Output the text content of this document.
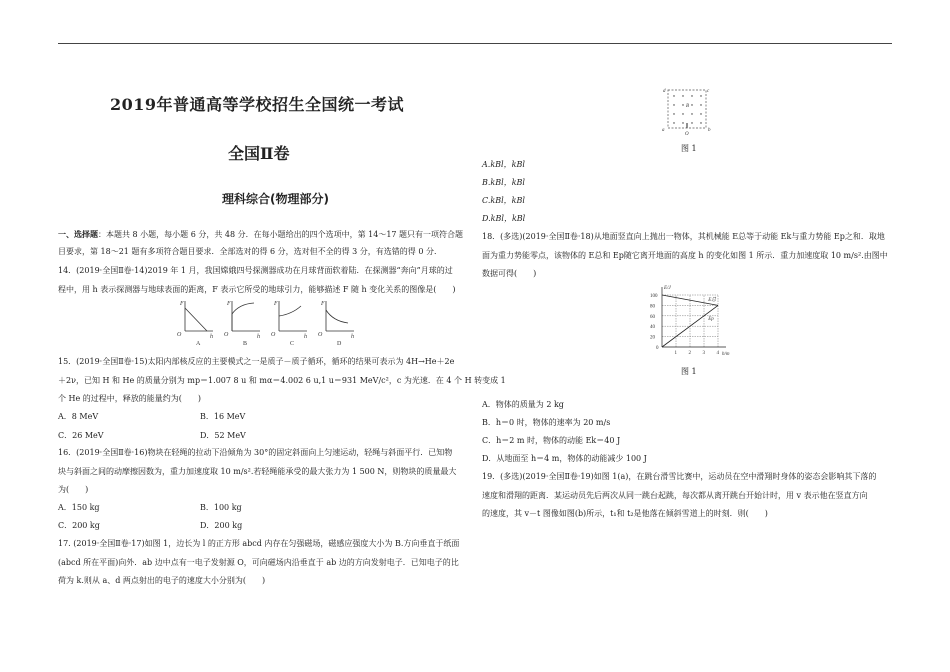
2019年普通高等学校招生全国统一考试
全国Ⅱ卷
理科综合(物理部分)
一、选择题：本题共 8 小题，每小题 6 分，共 48 分．在每小题给出的四个选项中，第 14～17 题只有一项符合题
目要求，第 18～21 题有多项符合题目要求．全部选对的得 6 分，选对但不全的得 3 分，有选错的得 0 分．
14．(2019·全国Ⅱ卷·14)2019 年 1 月，我国嫦娥四号探测器成功在月球背面软着陆．在探测器“奔向”月球的过
程中，用 h 表示探测器与地球表面的距离，F 表示它所受的地球引力，能够描述 F 随 h 变化关系的图像是(　　)
F
O	h
A
F
O	h
B
F
O	h
C
F
O	h
D
15．(2019·全国Ⅱ卷·15)太阳内部核反应的主要模式之一是质子－质子循环，循环的结果可表示为 4H→He＋2e
＋2ν，已知 H 和 He 的质量分别为 mp＝1.007 8 u 和 mα＝4.002 6 u,1 u＝931 MeV/c²，c 为光速．在 4 个 H 转变成 1
个 He 的过程中，释放的能量约为(　　)
A．8 MeV	B．16 MeV
C．26 MeV	D．52 MeV
16．(2019·全国Ⅱ卷·16)物块在轻绳的拉动下沿倾角为 30°的固定斜面向上匀速运动，轻绳与斜面平行．已知物
块与斜面之间的动摩擦因数为，重力加速度取 10 m/s².若轻绳能承受的最大张力为 1 500 N，则物块的质量最大
为(　　)
A．150 kg	B．100 kg
C．200 kg	D．200 kg
17. (2019·全国Ⅱ卷·17)如图 1，边长为 l 的正方形 abcd 内存在匀强磁场，磁感应强度大小为 B.方向垂直于纸面
(abcd 所在平面)向外．ab 边中点有一电子发射源 O，可向磁场内沿垂直于 ab 边的方向发射电子．已知电子的比
荷为 k.则从 a、d 两点射出的电子的速度大小分别为(　　)
d	c
a	b
B
O
图 1
A.kBl，kBl
B.kBl，kBl
C.kBl，kBl
D.kBl，kBl
18．(多选)(2019·全国Ⅱ卷·18)从地面竖直向上抛出一物体，其机械能 E总等于动能 Ek与重力势能 Ep之和．取地
面为重力势能零点，该物体的 E总和 Ep随它离开地面的高度 h 的变化如图 1 所示．重力加速度取 10 m/s².由图中
数据可得(　　)
0
1 2 3 4
20
40
60
80
100
h/m
E/J
E总
Ep
图 1
A．物体的质量为 2 kg
B．h＝0 时，物体的速率为 20 m/s
C．h＝2 m 时，物体的动能 Ek＝40 J
D．从地面至 h＝4 m，物体的动能减少 100 J
19．(多选)(2019·全国Ⅱ卷·19)如图 1(a)，在跳台滑雪比赛中，运动员在空中滑翔时身体的姿态会影响其下落的
速度和滑翔的距离．某运动员先后两次从同一跳台起跳，每次都从离开跳台开始计时，用 v 表示他在竖直方向
的速度，其 v－t 图像如图(b)所示，t₁和 t₂是他落在倾斜雪道上的时刻．则(　　)
